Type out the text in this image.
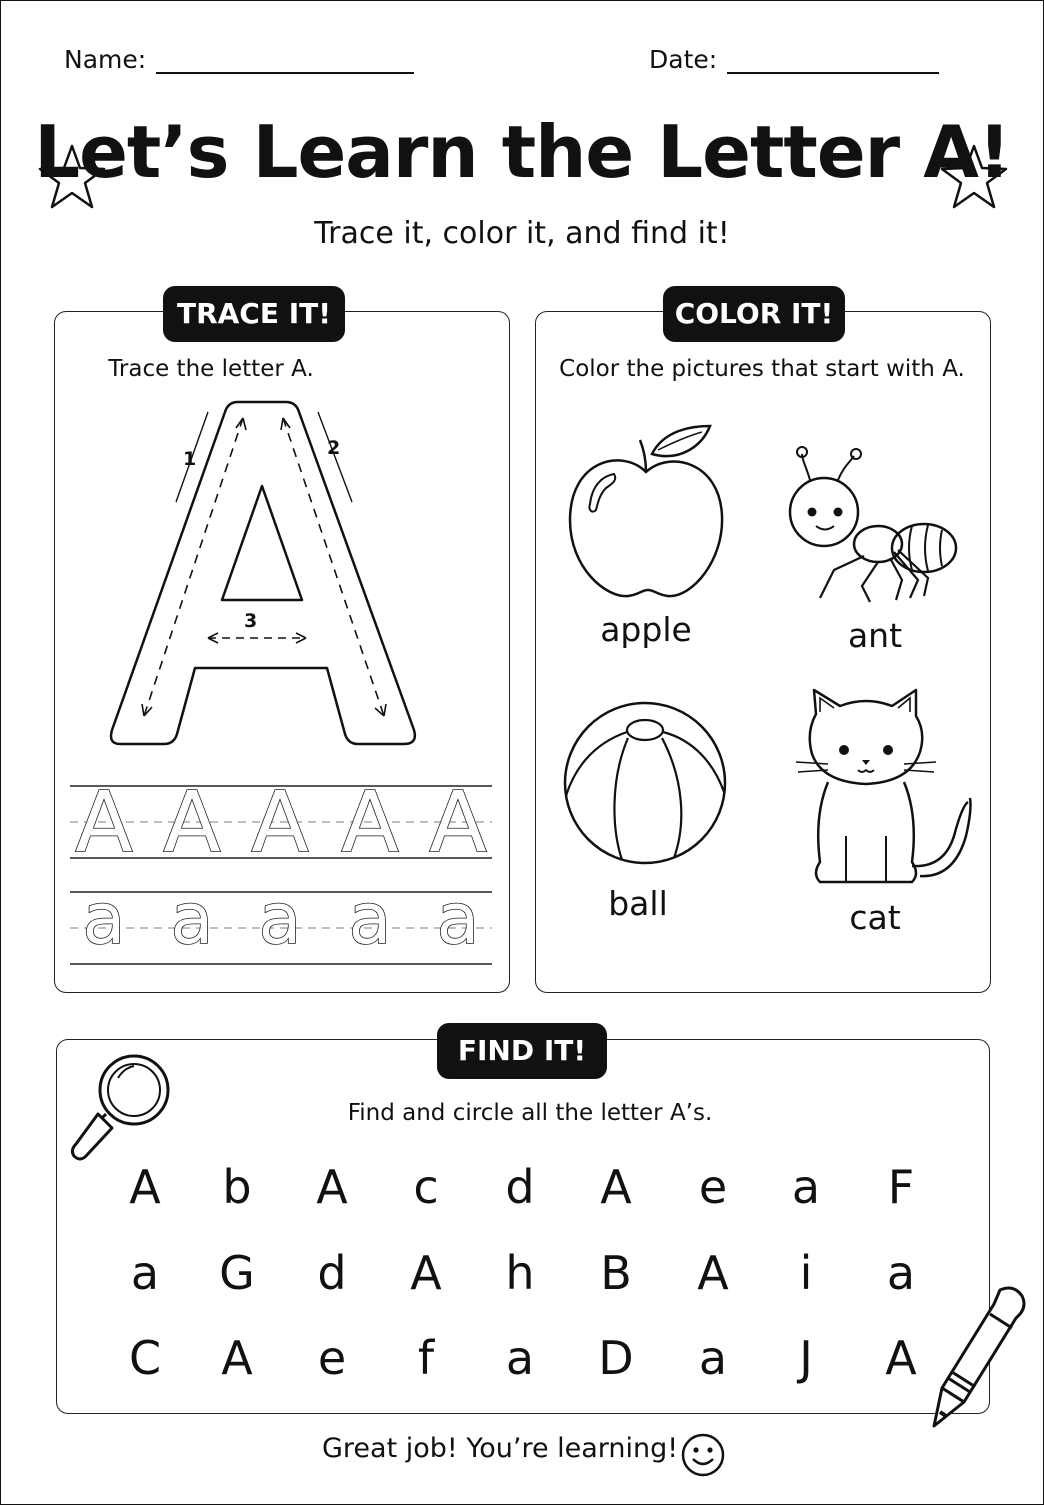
Name:	Date:
Let’s Learn the Letter A!
Trace it, color it, and find it!
TRACE IT!
Trace the letter A.
1	2
3
A A A A A
a a a a a
COLOR IT!
Color the pictures that start with A.
apple	ant
ball	cat
FIND IT!
Find and circle all the letter A’s.
A	b	A	c	d	A	e	a	F
a	G	d	A	h	B	A	i	a
C	A	e	f	a	D	a	J	A
Great job! You’re learning!
